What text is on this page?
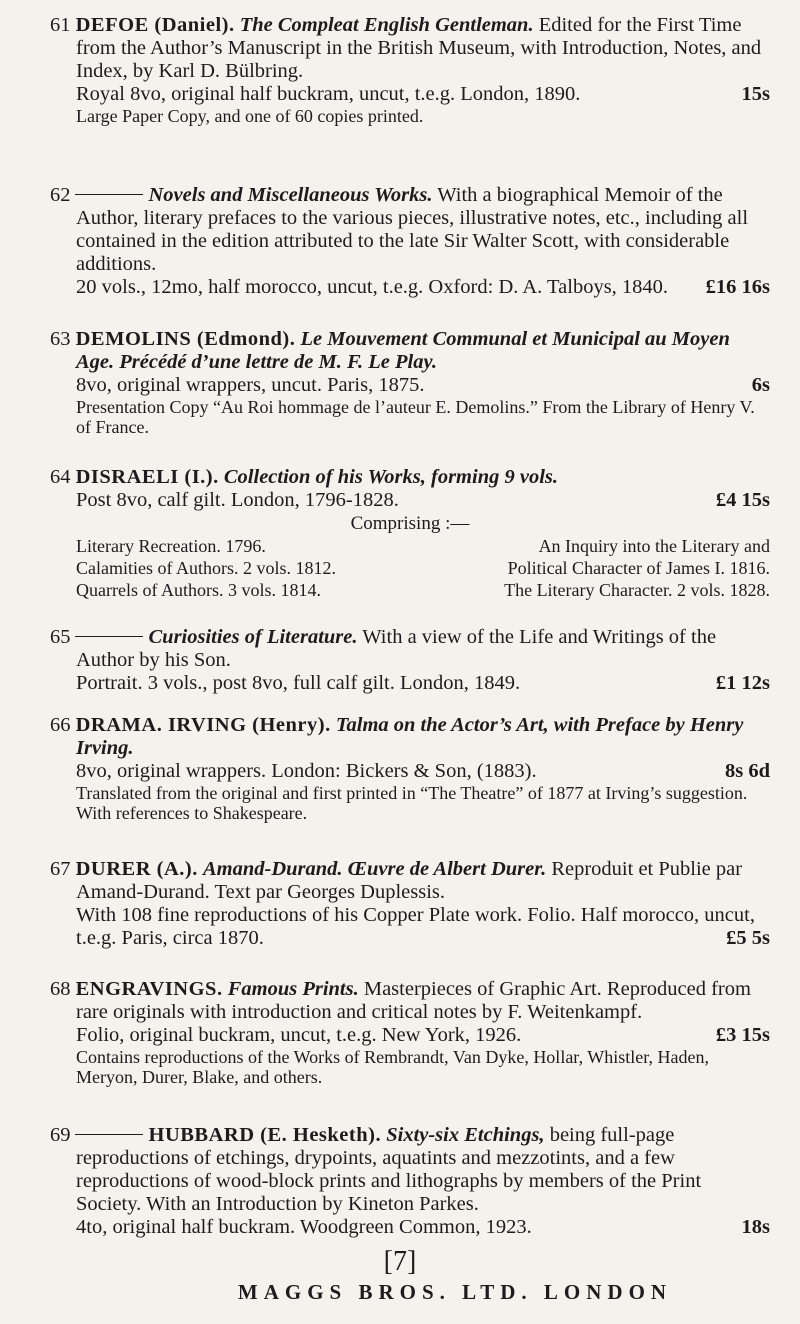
61 DEFOE (Daniel). The Compleat English Gentleman. Edited for the First Time from the Author’s Manuscript in the British Museum, with Introduction, Notes, and Index, by Karl D. Bülbring.

Royal 8vo, original half buckram, uncut, t.e.g. London, 1890.	15s

Large Paper Copy, and one of 60 copies printed.

62	Novels and Miscellaneous Works. With a biographical Memoir of the Author, literary prefaces to the various pieces, illustrative notes, etc., including all contained in the edition attributed to the late Sir Walter Scott, with considerable additions.

20 vols., 12mo, half morocco, uncut, t.e.g. Oxford: D. A. Talboys, 1840. £16 16s

63 DEMOLINS (Edmond). Le Mouvement Communal et Municipal au Moyen Age. Précédé d’une lettre de M. F. Le Play.

8vo, original wrappers, uncut. Paris, 1875.	6s

Presentation Copy “Au Roi hommage de l’auteur E. Demolins.” From the Library of Henry V. of France.

64 DISRAELI (I.). Collection of his Works, forming 9 vols.

Post 8vo, calf gilt. London, 1796-1828.	£4 15s

Comprising :—

Literary Recreation. 1796.	An Inquiry into the Literary and
Calamities of Authors. 2 vols. 1812.	Political Character of James I. 1816.
Quarrels of Authors. 3 vols. 1814.	The Literary Character. 2 vols. 1828.

65	Curiosities of Literature. With a view of the Life and Writings of the Author by his Son.

Portrait. 3 vols., post 8vo, full calf gilt. London, 1849.	£1 12s

66 DRAMA. IRVING (Henry). Talma on the Actor’s Art, with Preface by Henry Irving.

8vo, original wrappers. London: Bickers & Son, (1883).	8s 6d

Translated from the original and first printed in “The Theatre” of 1877 at Irving’s suggestion. With references to Shakespeare.

67 DURER (A.). Amand-Durand. Œuvre de Albert Durer. Reproduit et Publie par Amand-Durand. Text par Georges Duplessis.

With 108 fine reproductions of his Copper Plate work. Folio. Half morocco, uncut, t.e.g. Paris, circa 1870.	£5 5s

68 ENGRAVINGS. Famous Prints. Masterpieces of Graphic Art. Reproduced from rare originals with introduction and critical notes by F. Weitenkampf.

Folio, original buckram, uncut, t.e.g. New York, 1926.	£3 15s

Contains reproductions of the Works of Rembrandt, Van Dyke, Hollar, Whistler, Haden, Meryon, Durer, Blake, and others.

69	HUBBARD (E. Hesketh). Sixty-six Etchings, being full-page reproductions of etchings, drypoints, aquatints and mezzotints, and a few reproductions of wood-block prints and lithographs by members of the Print Society. With an Introduction by Kineton Parkes.

4to, original half buckram. Woodgreen Common, 1923.	18s

[7]
MAGGS BROS. LTD. LONDON
